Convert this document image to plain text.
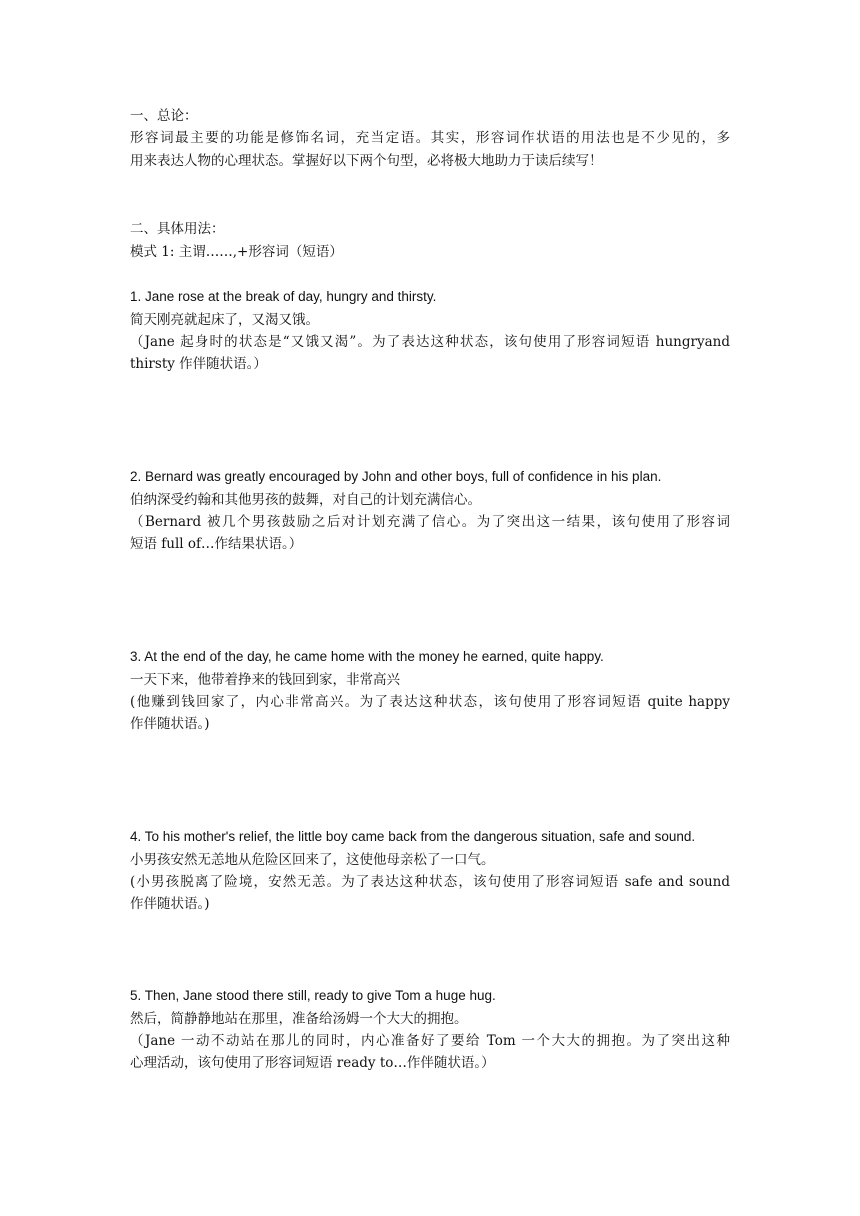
一、总论：
形容词最主要的功能是修饰名词，充当定语。其实，形容词作状语的用法也是不少见的，多
用来表达人物的心理状态。掌握好以下两个句型，必将极大地助力于读后续写！
二、具体用法：
模式 1: 主谓……,+形容词（短语）
1. Jane rose at the break of day, hungry and thirsty.
简天刚亮就起床了，又渴又饿。
（Jane 起身时的状态是“又饿又渴”。为了表达这种状态，该句使用了形容词短语 hungryand
thirsty 作伴随状语。）
2. Bernard was greatly encouraged by John and other boys, full of confidence in his plan.
伯纳深受约翰和其他男孩的鼓舞，对自己的计划充满信心。
（Bernard 被几个男孩鼓励之后对计划充满了信心。为了突出这一结果，该句使用了形容词
短语 full of…作结果状语。）
3. At the end of the day, he came home with the money he earned, quite happy.
一天下来，他带着挣来的钱回到家，非常高兴
(他赚到钱回家了，内心非常高兴。为了表达这种状态，该句使用了形容词短语 quite happy
作伴随状语。)
4. To his mother's relief, the little boy came back from the dangerous situation, safe and sound.
小男孩安然无恙地从危险区回来了，这使他母亲松了一口气。
(小男孩脱离了险境，安然无恙。为了表达这种状态，该句使用了形容词短语 safe and sound
作伴随状语。)
5. Then, Jane stood there still, ready to give Tom a huge hug.
然后，简静静地站在那里，准备给汤姆一个大大的拥抱。
（Jane 一动不动站在那儿的同时，内心准备好了要给 Tom 一个大大的拥抱。为了突出这种
心理活动，该句使用了形容词短语 ready to…作伴随状语。）
